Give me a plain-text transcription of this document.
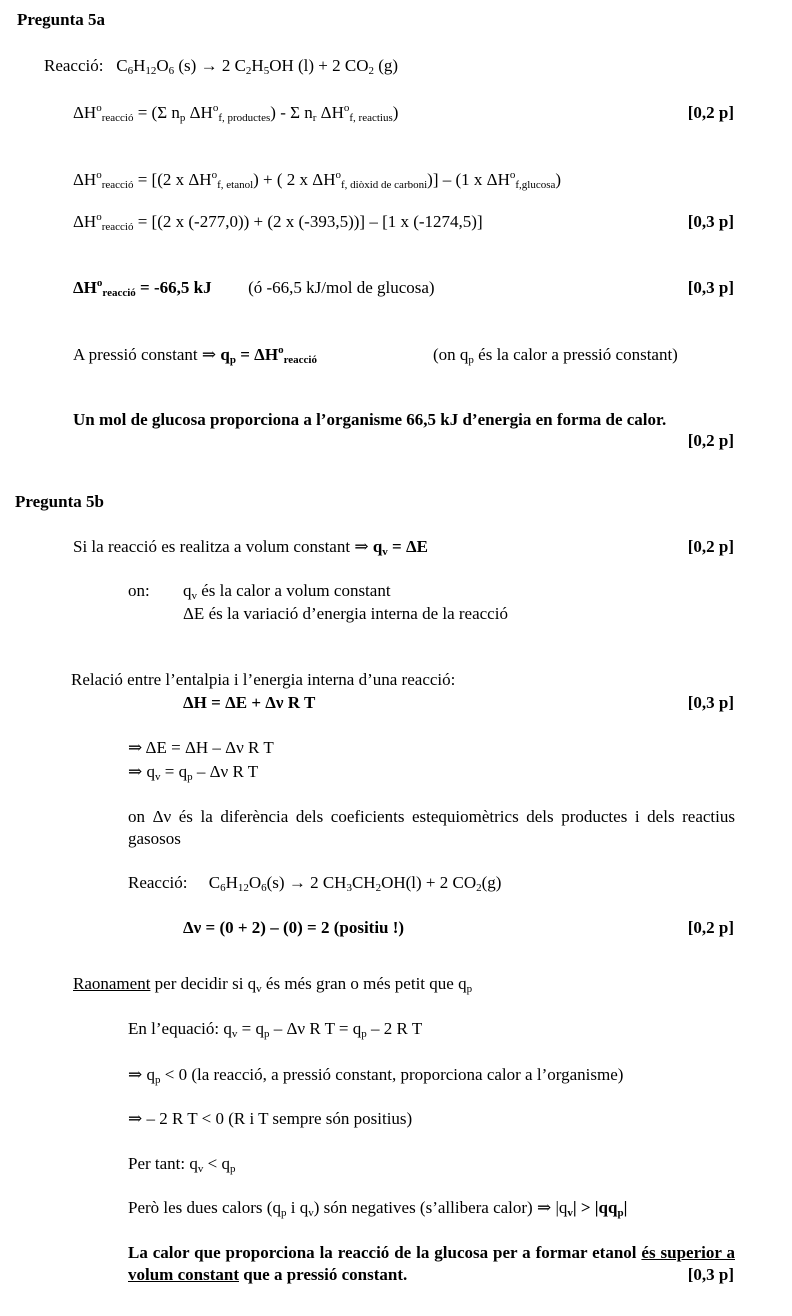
Pregunta 5a
Reacció: $C_6H_{12}O_6$ (s) → 2 $C_2H_5OH$ (l) + 2 $CO_2$ (g)
$\Delta H^o_{reacció} = (\Sigma$ $n_p$ $\Delta H^o_{f, productes}$) - Σ $n_r$ $\Delta H^o_{f, reactius}$)	[0,2 p]
$\Delta H^o_{reacció} = [(2$ x $\Delta H^o_{f, etanol}$) + ( 2 x $\Delta H^o_{f, diòxid de carboni})] - (1$ x $\Delta H^o_{f,glucosa}$)
$\Delta H^o_{reacció} = [(2$ x (-277,0)) + (2 x (-393,5))] – [1 x (-1274,5)]	[0,3 p]
$\Delta H^o_{reacció} = -66,5$ kJ (ó -66,5 kJ/mol de glucosa)	[0,3 p]
A pressió constant ⇒ $q_p = \Delta H^o_{reacció}$	(on $q_p$ és la calor a pressió constant)
Un mol de glucosa proporciona a l’organisme 66,5 kJ d’energia en forma de calor.
[0,2 p]
Pregunta 5b
Si la reacció es realitza a volum constant ⇒ $q_v = \Delta E$	[0,2 p]
on: $q_v$ és la calor a volum constant
ΔE és la variació d’energia interna de la reacció
Relació entre l’entalpia i l’energia interna d’una reacció:
ΔH = ΔE + Δν R T	[0,3 p]
⇒ ΔE = ΔH – Δν R T
⇒ $q_v = q_p - \Delta\nu$ R T
on Δν és la diferència dels coeficients estequiomètrics dels productes i dels reactius gasosos
Reacció: $C_6H_{12}O_6(s) \to 2$ $CH_3CH_2OH(l) + 2$ $CO_2(g)$
Δν = (0 + 2) – (0) = 2 (positiu !)	[0,2 p]
Raonament per decidir si $q_v$ és més gran o més petit que $q_p$
En l’equació: $q_v = q_p - \Delta\nu$ R $T = q_p - 2$ R T
⇒ $q_p < 0$ (la reacció, a pressió constant, proporciona calor a l’organisme)
⇒ – 2 R T < 0 (R i T sempre són positius)
Per tant: $q_v < q_p$
Però les dues calors ($q_p$ i $q_v$) són negatives (s’allibera calor) ⇒ $|q_v| > |qq_p|$
La calor que proporciona la reacció de la glucosa per a formar etanol és superior a volum constant que a pressió constant.	[0,3 p]
